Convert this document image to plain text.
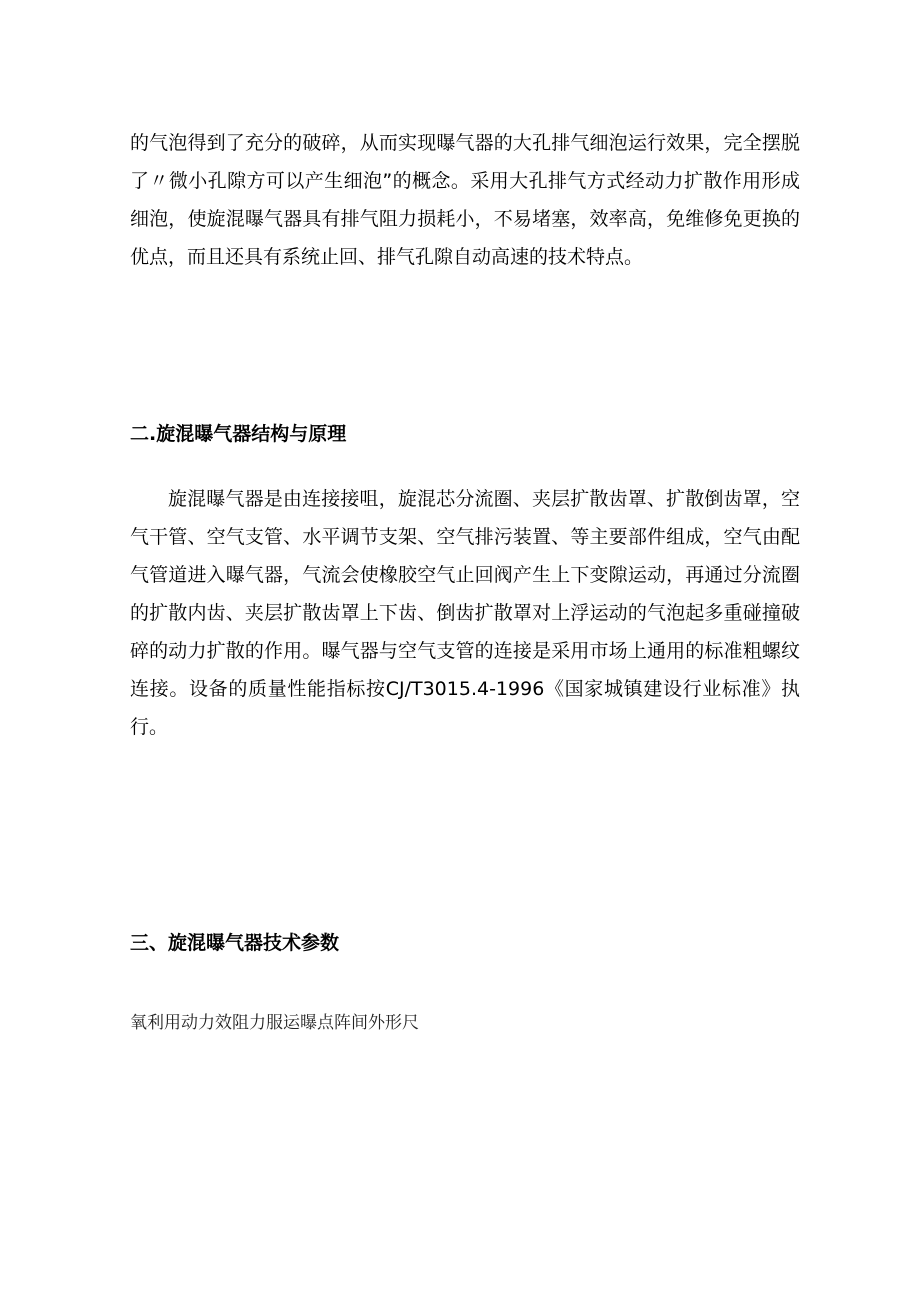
的气泡得到了充分的破碎，从而实现曝气器的大孔排气细泡运行效果，完全摆脱了〃微小孔隙方可以产生细泡”的概念。采用大孔排气方式经动力扩散作用形成细泡，使旋混曝气器具有排气阻力损耗小，不易堵塞，效率高，免维修免更换的优点，而且还具有系统止回、排气孔隙自动高速的技术特点。

二.旋混曝气器结构与原理

旋混曝气器是由连接接咀，旋混芯分流圈、夹层扩散齿罩、扩散倒齿罩，空气干管、空气支管、水平调节支架、空气排污装置、等主要部件组成，空气由配气管道进入曝气器，气流会使橡胶空气止回阀产生上下变隙运动，再通过分流圈的扩散内齿、夹层扩散齿罩上下齿、倒齿扩散罩对上浮运动的气泡起多重碰撞破碎的动力扩散的作用。曝气器与空气支管的连接是采用市场上通用的标准粗螺纹连接。设备的质量性能指标按CJ/T3015.4-1996《国家城镇建设行业标准》执行。

三、旋混曝气器技术参数

氧利用动力效阻力服运曝点阵间外形尺
